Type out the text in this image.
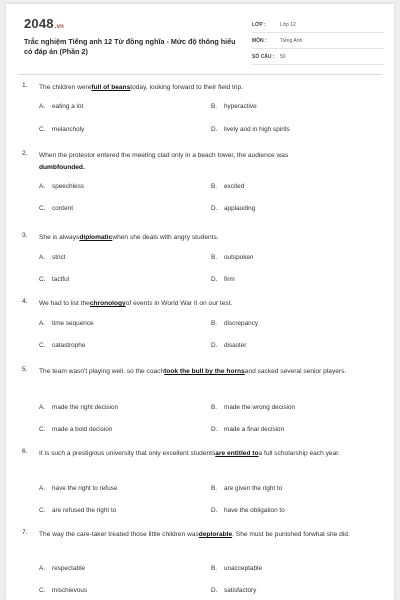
2048.vn
Trắc nghiệm Tiếng anh 12 Từ đồng nghĩa - Mức độ thông hiểu có đáp án (Phần 2)
LỚP :	Lớp 12
MÔN :	Tiếng Anh
SỐ CÂU :	50
1. The children werefull of beanstoday, looking forward to their field trip.
A. eating a lot	B. hyperactive
C. melancholy	D. lively and in high spirits
2. When the protestor entered the meeting clad only in a beach tower, the audience was
dumbfounded.
A. speechless	B. excited
C. content	D. applauding
3. She is alwaysdiplomaticwhen she deals with angry students.
A. strict	B. outspoken
C. tactful	D. firm
4. We had to list thechronologyof events in World War II on our test.
A. time sequence	B. discrepancy
C. catastrophe	D. disaster
5. The team wasn't playing well, so the coachtook the bull by the hornsand sacked several senior players.
A. made the right decision	B. made the wrong decision
C. made a bold decision	D. made a final decision
6. It is such a prestigious university that only excellent studentsare entitled toa full scholarship each year.
A. have the right to refuse	B. are given the right to
C. are refused the right to	D. have the obligation to
7. The way the care-taker treated those little children wasdeplorable. She must be punished forwhat she did.
A. respectable	B. unacceptable
C. mischievous	D. satisfactory
